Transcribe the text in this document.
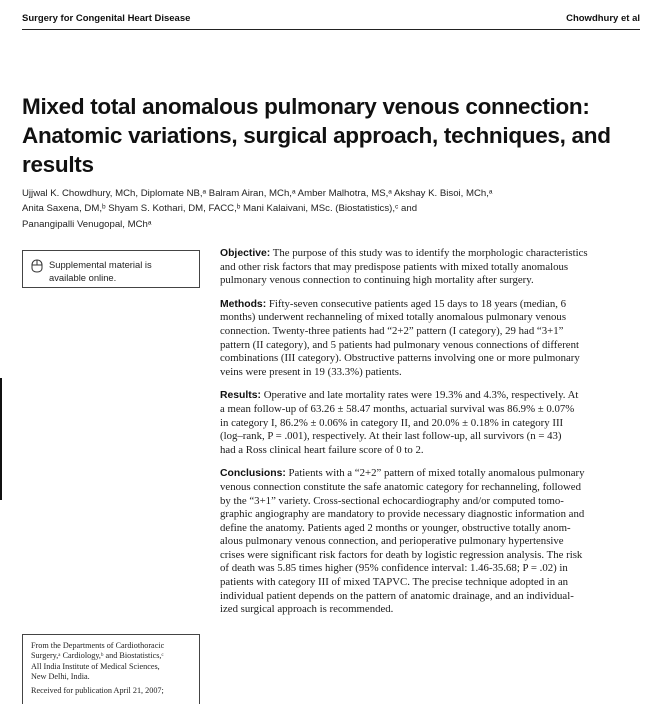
Surgery for Congenital Heart Disease	Chowdhury et al
Mixed total anomalous pulmonary venous connection:
Anatomic variations, surgical approach, techniques, and
results
Ujjwal K. Chowdhury, MCh, Diplomate NB,ᵃ Balram Airan, MCh,ᵃ Amber Malhotra, MS,ᵃ Akshay K. Bisoi, MCh,ᵃ
Anita Saxena, DM,ᵇ Shyam S. Kothari, DM, FACC,ᵇ Mani Kalaivani, MSc. (Biostatistics),ᶜ and
Panangipalli Venugopal, MChᵃ
Supplemental material is
available online.
Objective: The purpose of this study was to identify the morphologic characteristics
and other risk factors that may predispose patients with mixed totally anomalous
pulmonary venous connection to continuing high mortality after surgery.
Methods: Fifty-seven consecutive patients aged 15 days to 18 years (median, 6
months) underwent rechanneling of mixed totally anomalous pulmonary venous
connection. Twenty-three patients had “2+2” pattern (I category), 29 had “3+1”
pattern (II category), and 5 patients had pulmonary venous connections of different
combinations (III category). Obstructive patterns involving one or more pulmonary
veins were present in 19 (33.3%) patients.
Results: Operative and late mortality rates were 19.3% and 4.3%, respectively. At
a mean follow-up of 63.26 ± 58.47 months, actuarial survival was 86.9% ± 0.07%
in category I, 86.2% ± 0.06% in category II, and 20.0% ± 0.18% in category III
(log–rank, P = .001), respectively. At their last follow-up, all survivors (n = 43)
had a Ross clinical heart failure score of 0 to 2.
Conclusions: Patients with a “2+2” pattern of mixed totally anomalous pulmonary
venous connection constitute the safe anatomic category for rechanneling, followed
by the “3+1” variety. Cross-sectional echocardiography and/or computed tomo-
graphic angiography are mandatory to provide necessary diagnostic information and
define the anatomy. Patients aged 2 months or younger, obstructive totally anom-
alous pulmonary venous connection, and perioperative pulmonary hypertensive
crises were significant risk factors for death by logistic regression analysis. The risk
of death was 5.85 times higher (95% confidence interval: 1.46-35.68; P = .02) in
patients with category III of mixed TAPVC. The precise technique adopted in an
individual patient depends on the pattern of anatomic drainage, and an individual-
ized surgical approach is recommended.
From the Departments of Cardiothoracic
Surgery,ᵃ Cardiology,ᵇ and Biostatistics,ᶜ
All India Institute of Medical Sciences,
New Delhi, India.
Received for publication April 21, 2007;
